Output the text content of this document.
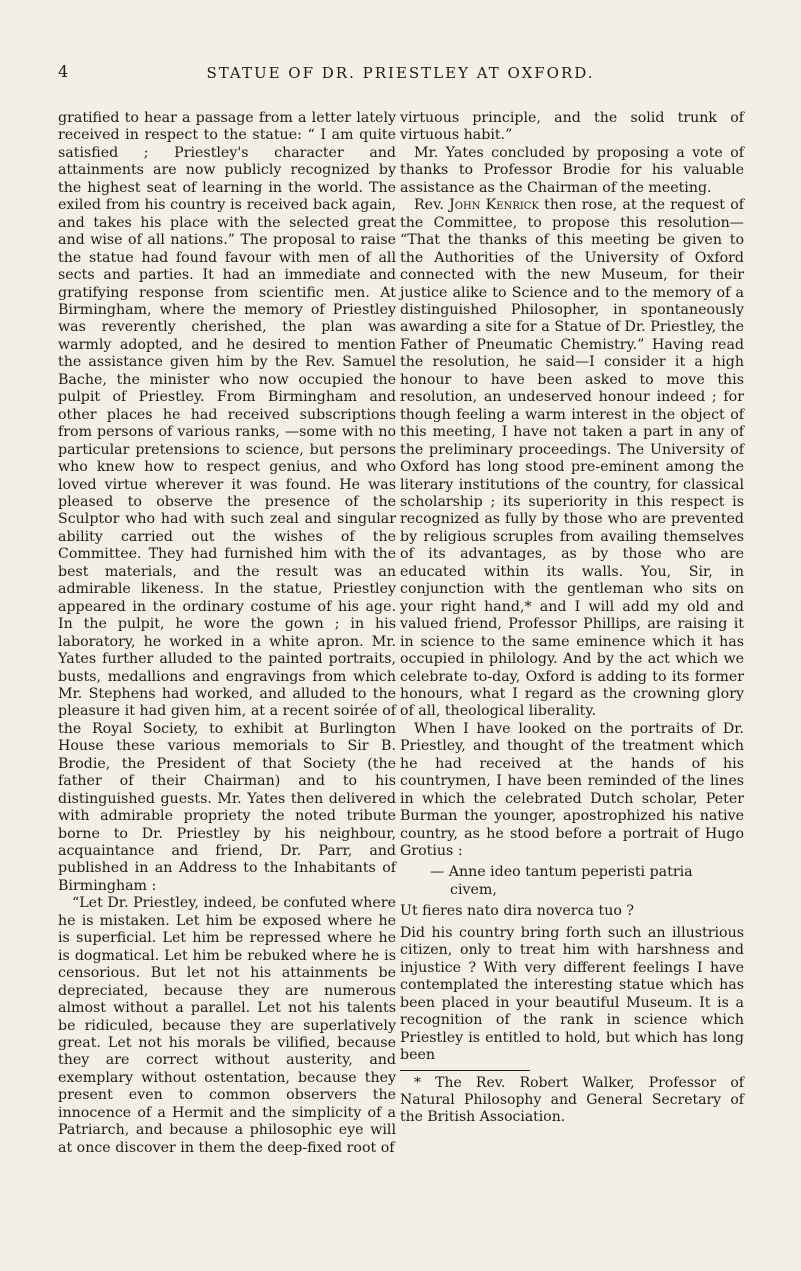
4	STATUE OF DR. PRIESTLEY AT OXFORD.

gratified to hear a passage from a letter lately received in respect to the statue: “ I am quite satisfied ; Priestley's character and attainments are now publicly recognized by the highest seat of learning in the world. The exiled from his country is received back again, and takes his place with the selected great and wise of all nations.” The proposal to raise the statue had found favour with men of all sects and parties. It had an immediate and gratifying response from scientific men. At Birmingham, where the memory of Priestley was reverently cherished, the plan was warmly adopted, and he desired to mention the assistance given him by the Rev. Samuel Bache, the minister who now occupied the pulpit of Priestley. From Birmingham and other places he had received subscriptions from persons of various ranks, —some with no particular pretensions to science, but persons who knew how to respect genius, and who loved virtue wherever it was found. He was pleased to observe the presence of the Sculptor who had with such zeal and singular ability carried out the wishes of the Committee. They had furnished him with the best materials, and the result was an admirable likeness. In the statue, Priestley appeared in the ordinary costume of his age. In the pulpit, he wore the gown ; in his laboratory, he worked in a white apron. Mr. Yates further alluded to the painted portraits, busts, medallions and engravings from which Mr. Stephens had worked, and alluded to the pleasure it had given him, at a recent soirée of the Royal Society, to exhibit at Burlington House these various memorials to Sir B. Brodie, the President of that Society (the father of their Chairman) and to his distinguished guests. Mr. Yates then delivered with admirable propriety the noted tribute borne to Dr. Priestley by his neighbour, acquaintance and friend, Dr. Parr, and published in an Address to the Inhabitants of Birmingham :

“Let Dr. Priestley, indeed, be confuted where he is mistaken. Let him be exposed where he is superficial. Let him be repressed where he is dogmatical. Let him be rebuked where he is censorious. But let not his attainments be depreciated, because they are numerous almost without a parallel. Let not his talents be ridiculed, because they are superlatively great. Let not his morals be vilified, because they are correct without austerity, and exemplary without ostentation, because they present even to common observers the innocence of a Hermit and the simplicity of a Patriarch, and because a philosophic eye will at once discover in them the deep-fixed root of

virtuous principle, and the solid trunk of virtuous habit.”

Mr. Yates concluded by proposing a vote of thanks to Professor Brodie for his valuable assistance as the Chairman of the meeting.

Rev. John Kenrick then rose, at the request of the Committee, to propose this resolution— “That the thanks of this meeting be given to the Authorities of the University of Oxford connected with the new Museum, for their justice alike to Science and to the memory of a distinguished Philosopher, in spontaneously awarding a site for a Statue of Dr. Priestley, the Father of Pneumatic Chemistry.” Having read the resolution, he said—I consider it a high honour to have been asked to move this resolution, an undeserved honour indeed ; for though feeling a warm interest in the object of this meeting, I have not taken a part in any of the preliminary proceedings. The University of Oxford has long stood pre-eminent among the literary institutions of the country, for classical scholarship ; its superiority in this respect is recognized as fully by those who are prevented by religious scruples from availing themselves of its advantages, as by those who are educated within its walls. You, Sir, in conjunction with the gentleman who sits on your right hand,* and I will add my old and valued friend, Professor Phillips, are raising it in science to the same eminence which it has occupied in philology. And by the act which we celebrate to-day, Oxford is adding to its former honours, what I regard as the crowning glory of all, theological liberality.

When I have looked on the portraits of Dr. Priestley, and thought of the treatment which he had received at the hands of his countrymen, I have been reminded of the lines in which the celebrated Dutch scholar, Peter Burman the younger, apostrophized his native country, as he stood before a portrait of Hugo Grotius :

— Anne ideo tantum peperisti patria
civem,
Ut fieres nato dira noverca tuo ?

Did his country bring forth such an illustrious citizen, only to treat him with harshness and injustice ? With very different feelings I have contemplated the interesting statue which has been placed in your beautiful Museum. It is a recognition of the rank in science which Priestley is entitled to hold, but which has long been

* The Rev. Robert Walker, Professor of Natural Philosophy and General Secretary of the British Association.
